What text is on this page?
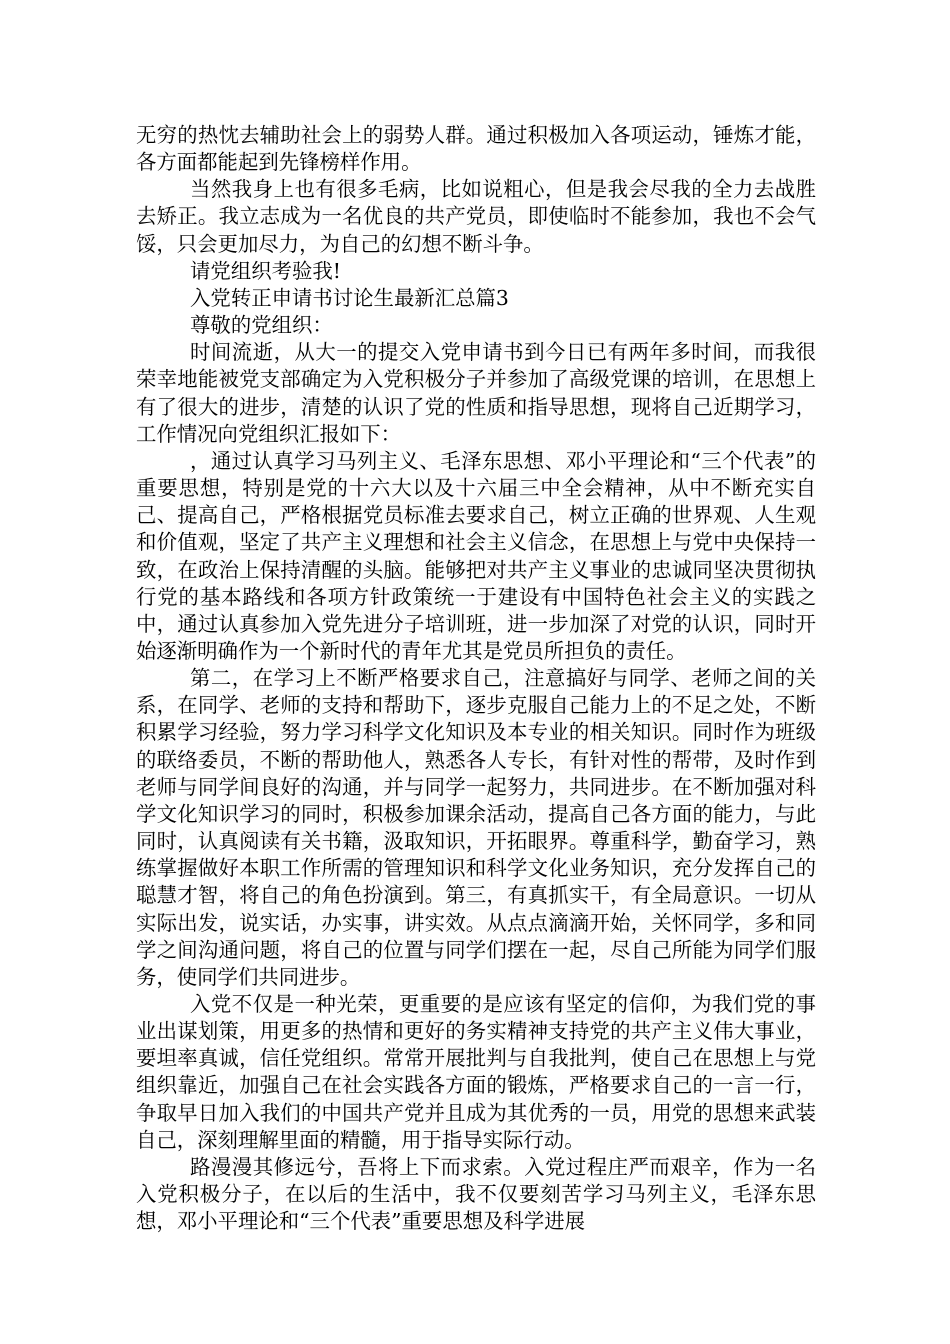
无穷的热忱去辅助社会上的弱势人群。通过积极加入各项运动，锤炼才能，各方面都能起到先锋榜样作用。

当然我身上也有很多毛病，比如说粗心，但是我会尽我的全力去战胜去矫正。我立志成为一名优良的共产党员，即使临时不能参加，我也不会气馁，只会更加尽力，为自己的幻想不断斗争。

请党组织考验我!

入党转正申请书讨论生最新汇总篇3

尊敬的党组织：

时间流逝，从大一的提交入党申请书到今日已有两年多时间，而我很荣幸地能被党支部确定为入党积极分子并参加了高级党课的培训，在思想上有了很大的进步，清楚的认识了党的性质和指导思想，现将自己近期学习，工作情况向党组织汇报如下：

，通过认真学习马列主义、毛泽东思想、邓小平理论和“三个代表”的重要思想，特别是党的十六大以及十六届三中全会精神，从中不断充实自己、提高自己，严格根据党员标准去要求自己，树立正确的世界观、人生观和价值观，坚定了共产主义理想和社会主义信念，在思想上与党中央保持一致，在政治上保持清醒的头脑。能够把对共产主义事业的忠诚同坚决贯彻执行党的基本路线和各项方针政策统一于建设有中国特色社会主义的实践之中，通过认真参加入党先进分子培训班，进一步加深了对党的认识，同时开始逐渐明确作为一个新时代的青年尤其是党员所担负的责任。

第二，在学习上不断严格要求自己，注意搞好与同学、老师之间的关系，在同学、老师的支持和帮助下，逐步克服自己能力上的不足之处，不断积累学习经验，努力学习科学文化知识及本专业的相关知识。同时作为班级的联络委员，不断的帮助他人，熟悉各人专长，有针对性的帮带，及时作到老师与同学间良好的沟通，并与同学一起努力，共同进步。在不断加强对科学文化知识学习的同时，积极参加课余活动，提高自己各方面的能力，与此同时，认真阅读有关书籍，汲取知识，开拓眼界。尊重科学，勤奋学习，熟练掌握做好本职工作所需的管理知识和科学文化业务知识，充分发挥自己的聪慧才智，将自己的角色扮演到。第三，有真抓实干，有全局意识。一切从实际出发，说实话，办实事，讲实效。从点点滴滴开始，关怀同学，多和同学之间沟通问题，将自己的位置与同学们摆在一起，尽自己所能为同学们服务，使同学们共同进步。

入党不仅是一种光荣，更重要的是应该有坚定的信仰，为我们党的事业出谋划策，用更多的热情和更好的务实精神支持党的共产主义伟大事业，要坦率真诚，信任党组织。常常开展批判与自我批判，使自己在思想上与党组织靠近，加强自己在社会实践各方面的锻炼，严格要求自己的一言一行，争取早日加入我们的中国共产党并且成为其优秀的一员，用党的思想来武装自己，深刻理解里面的精髓，用于指导实际行动。

路漫漫其修远兮，吾将上下而求索。入党过程庄严而艰辛，作为一名入党积极分子，在以后的生活中，我不仅要刻苦学习马列主义，毛泽东思想，邓小平理论和“三个代表”重要思想及科学进展
